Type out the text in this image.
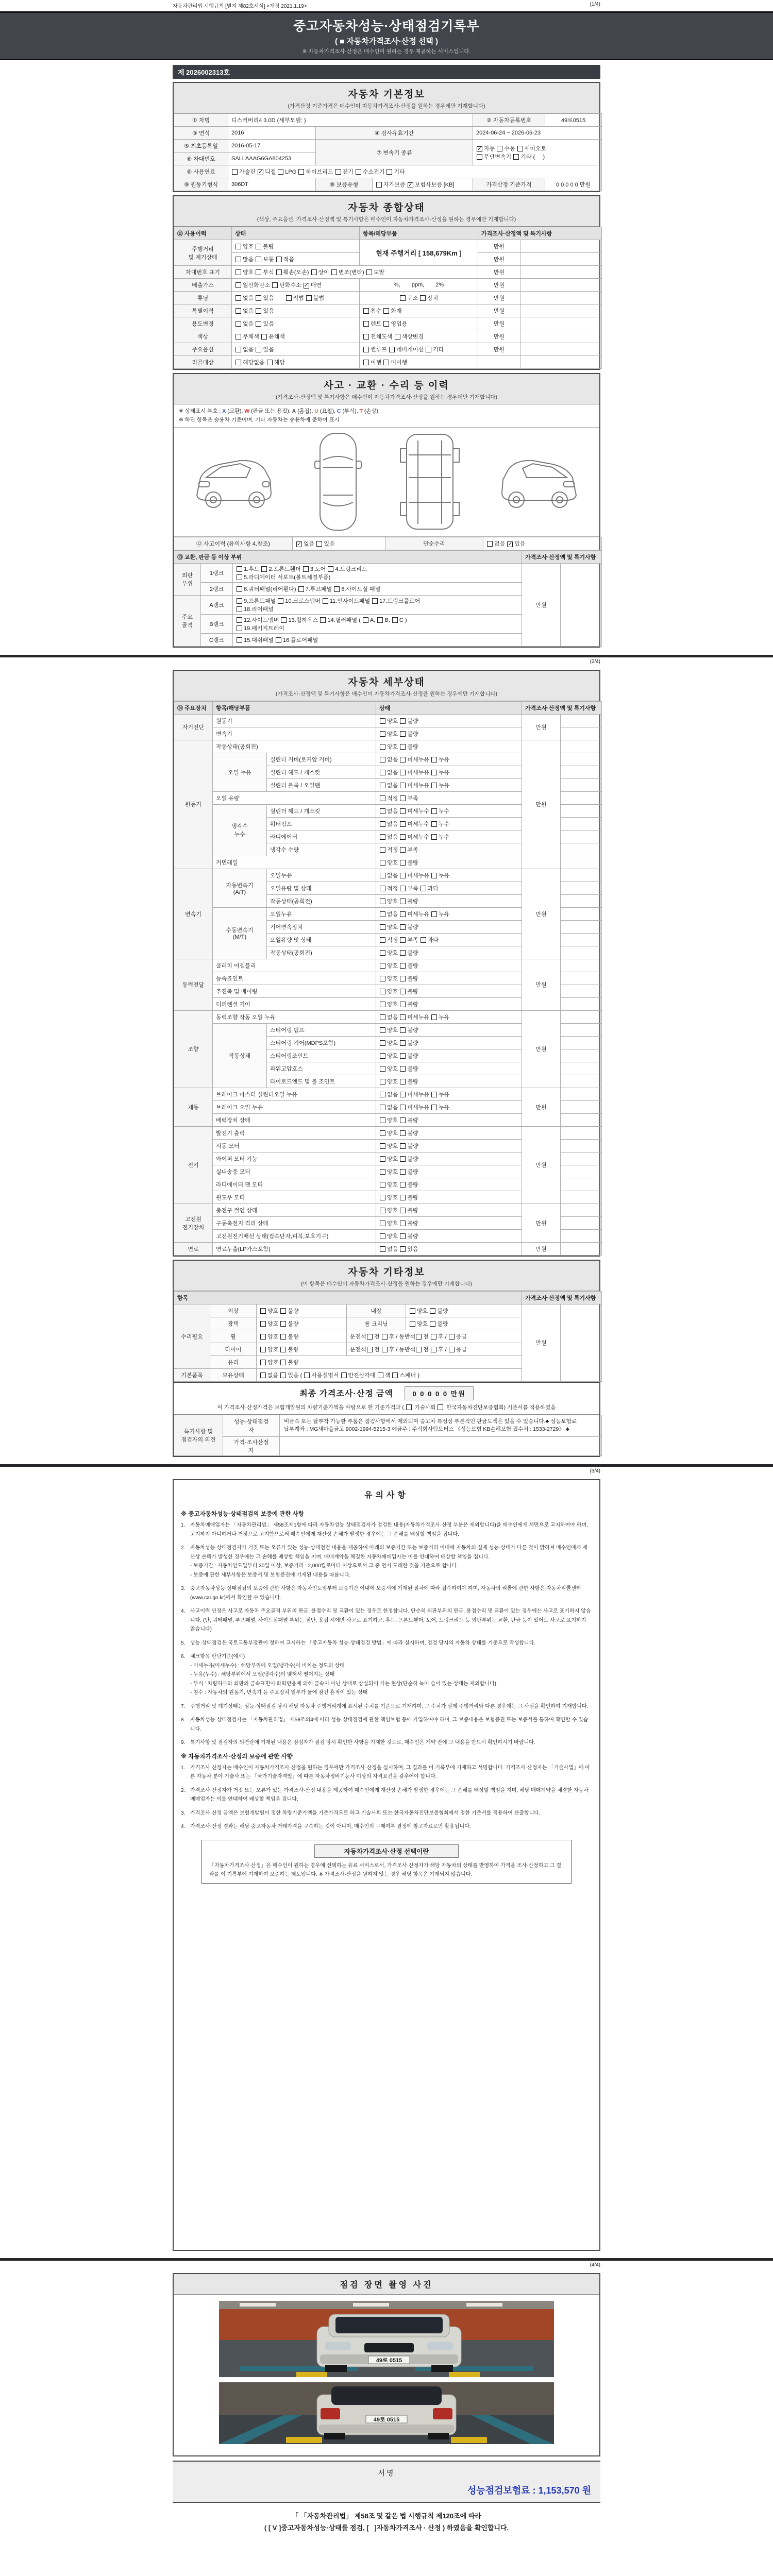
자동차관리법 시행규칙 [별지 제82호서식] <개정 2021.1.19>	(1/4)
중고자동차성능·상태점검기록부
( ■ 자동차가격조사·산정 선택 )
※ 자동차가격조사·산정은 매수인이 원하는 경우 제공하는 서비스입니다.
제 2026002313호
자동차 기본정보
(가격산정 기준가격은 매수인이 자동차가격조사·산정을 원하는 경우에만 기재합니다)
① 차명	디스커버리4 3.0D (세부모델: )			② 자동차등록번호	49로0515
③ 연식	2016	④ 검사유효기간		2024-06-24 ~ 2026-06-23	
⑤ 최초등록일	2016-05-17	⑦ 변속기 종류		✓ 자동 수동 세미오토
무단변속기 기타 (     )	
⑥ 차대번호	SALLAAAG6GA804253				
⑧ 사용연료	가솔린 ✓ 디젤 LPG 하이브리드 전기 수소전기 기타				
⑨ 원동기형식	306DT	⑩ 보증유형	자가보증 ✓ 보험사보증 [KB]	가격산정 기준가격	0 0 0 0 0 만원
자동차 종합상태
(색상, 주요옵션, 가격조사·산정액 및 특기사항은 매수인이 자동차가격조사·산정을 원하는 경우에만 기재합니다)
⑪ 사용이력	상태	항목/해당부품	가격조사·산정액 및 특기사항	
주행거리
및 계기상태	양호 불량	현재 주행거리 [ 158,679Km ]	만원	
	많음 보통 적음		만원	
차대번호 표기	양호 부식 훼손(오손) 상이 변조(변타) 도말		만원	
배출가스	일산화탄소 탄화수소 ✓ 매연	%,  ppm,  2%	만원	
튜닝	없음 있음  적법 불법	구조 장치	만원	
특별이력	없음 있음	침수 화재	만원	
용도변경	없음 있음	렌트 영업용	만원	
색상	무채색 유채색	전체도색 색상변경	만원	
주요옵션	없음 있음	썬루프 네비게이션 기타	만원	
리콜대상	해당없음 해당	이행 미이행		
사고 · 교환 · 수리 등 이력
(가격조사·산정액 및 특기사항은 매수인이 자동차가격조사·산정을 원하는 경우에만 기재합니다)
※ 상태표시 부호 : X (교환), W (판금 또는 용접), A (흠집), U (요철), C (부식), T (손상)
※ 하단 항목은 승용차 기준이며, 기타 자동차는 승용차에 준하여 표시
⑫ 사고이력 (유의사항 4.참조)	✓ 없음 있음	단순수리	없음 ✓ 있음
⑬ 교환, 판금 등 이상 부위			가격조사·산정액 및 특기사항	
외판
부위	1랭크	1.후드 2.프론트휀더 3.도어 4.트렁크리드
5.라디에이터 서포트(볼트체결부품)	만원	
	2랭크	6.쿼터패널(리어휀다) 7.루브패널 8.사이드실 패널		
주요
골격	A랭크	9.프론트패널 10.크로스멤버 11.인사이드패널 17.트렁크플로어
18.리어패널		
	B랭크	12.사이드멤버 13.휠하우스 14.필러패널 ( A, B, C )
19.패키지트레이		
	C랭크	15.대쉬패널 16.플로어패널		
(2/4)
자동차 세부상태
(가격조사·산정액 및 특기사항은 매수인이 자동차가격조사·산정을 원하는 경우에만 기재합니다)
⑭ 주요장치	항목/해당부품		상태	가격조사·산정액 및 특기사항	
자기진단	원동기		양호 불량	만원	
	변속기		양호 불량		
원동기	작동상태(공회전)		양호 불량	만원	
	오일 누유	실린더 커버(로커암 커버)	없음 미세누유 누유		
		실린더 헤드 / 개스킷	없음 미세누유 누유		
		실린더 블록 / 오일팬	없음 미세누유 누유		
	오일 유량		적정 부족		
	냉각수
누수	실린더 헤드 / 개스킷	없음 미세누수 누수		
		워터펌프	없음 미세누수 누수		
		라디에이터	없음 미세누수 누수		
		냉각수 수량	적정 부족		
	커먼레일		양호 불량		
변속기	자동변속기
(A/T)	오일누유	없음 미세누유 누유	만원	
		오일유량 및 상태	적정 부족 과다		
		작동상태(공회전)	양호 불량		
	수동변속기
(M/T)	오일누유	없음 미세누유 누유		
		기어변속장치	양호 불량		
		오일유량 및 상태	적정 부족 과다		
		작동상태(공회전)	양호 불량		
동력전달	클러치 어셈블리		양호 불량	만원	
	등속죠인트		양호 불량		
	추진축 및 베어링		양호 불량		
	디퍼렌셜 기어		양호 불량		
조향	동력조향 작동 오일 누유		없음 미세누유 누유	만원	
	작동상태	스티어링 펌프	양호 불량		
		스티어링 기어(MDPS포함)	양호 불량		
		스티어링조인트	양호 불량		
		파워고압호스	양호 불량		
		타이로드엔드 및 볼 조인트	양호 불량		
제동	브레이크 마스터 실린더오일 누유		없음 미세누유 누유	만원	
	브레이크 오일 누유		없음 미세누유 누유		
	배력장치 상태		양호 불량		
전기	발전기 출력		양호 불량	만원	
	시동 모터		양호 불량		
	와이퍼 모터 기능		양호 불량		
	실내송풍 모터		양호 불량		
	라디에이터 팬 모터		양호 불량		
	윈도우 모터		양호 불량		
고전원
전기장치	충전구 절연 상태		양호 불량	만원	
	구동축전지 격리 상태		양호 불량		
	고전원전기배선 상태(접속단자,피복,보호기구)		양호 불량		
연료	연료누출(LP가스포함)		없음 있음	만원	
자동차 기타정보
(이 항목은 매수인이 자동차가격조사·산정을 원하는 경우에만 기재합니다)
항목					가격조사·산정액 및 특기사항	
수리필요	외장	양호 불량	내장	양호 불량	만원	
	광택	양호 불량	룸 크리닝	양호 불량		
	휠	양호 불량	운전석 전 후 / 동반석 전 후 / 응급			
	타이어	양호 불량	운전석 전 후 / 동반석 전 후 / 응급			
	유리	양호 불량				
기본품목	보유상태	없음 있음 ( 사용설명서 안전삼각대 잭 스패너 )				
최종 가격조사·산정 금액	0 0 0 0 0 만원
이 가격조사·산정가격은 보험개발원의 차량기준가액을 바탕으로 한 기준가격과 (  기술사회  한국자동차진단보증협회) 기준서를 적용하였음
특기사항 및
점검자의 의견	성능·상태점검
자	비금속 또는 탈부착 가능한 부품은 점검사항에서 제외되며 중고차 특성상 부분적인 판금도색은 있을 수 있습니다.♣ 성능보험료 납부계좌 : MG새마을금고 9002-1994-5215-3 예금주 : 주식회사팀모터스 《성능보험 KB손해보험 접수처 : 1533-2729》 ♣
	가격·조사산정
자	
(3/4)
유의사항
※ 중고자동차성능·상태점검의 보증에 관한 사항
1. 자동차매매업자는 「자동차관리법」 제58조제1항에 따라 자동차성능·상태점검자가 점검한 내용(자동차가격조사·산정 부분은 제외합니다)을 매수인에게 서면으로 고지하여야 하며, 고지하지 아니하거나 거짓으로 고지함으로써 매수인에게 재산상 손해가 발생한 경우에는 그 손해를 배상할 책임을 집니다.
2. 자동차성능·상태점검자가 거짓 또는 오류가 있는 성능·상태점검 내용을 제공하여 아래의 보증기간 또는 보증거리 이내에 자동차의 실제 성능·상태가 다른 것이 밝혀져 매수인에게 재산상 손해가 발생한 경우에는 그 손해를 배상할 책임을 지며, 매매계약을 체결한 자동차매매업자는 이를 연대하여 배상할 책임을 집니다.
- 보증기간 : 자동차인도일부터 30일 이상, 보증거리 : 2,000킬로미터 이상으로서 그 중 먼저 도래한 것을 기준으로 합니다.
- 보증에 관한 세부사항은 보증서 및 보험증권에 기재된 내용을 따릅니다.
3. 중고자동차성능·상태점검의 보증에 관한 사항은 자동차인도일부터 보증기간 이내에 보증서에 기재된 절차에 따라 접수하여야 하며, 자동차의 리콜에 관한 사항은 자동차리콜센터(www.car.go.kr)에서 확인할 수 있습니다.
4. 사고이력 인정은 사고로 자동차 주요골격 부위의 판금, 용접수리 및 교환이 있는 경우로 한정합니다. 단순히 외판부위의 판금, 용접수리 및 교환이 있는 경우에는 사고로 표기하지 않습니다. (단, 쿼터패널, 루프패널, 사이드실패널 부위는 절단, 용접 시에만 사고로 표기하고, 후드, 프론트휀더, 도어, 트렁크리드 등 외판부위는 교환, 판금 등이 있어도 사고로 표기하지 않습니다)
5. 성능·상태점검은 국토교통부장관이 정하여 고시하는 「중고자동차 성능·상태점검 방법」에 따라 실시하며, 점검 당시의 자동차 상태를 기준으로 작성합니다.
6. 체크항목 판단기준(예시)
- 미세누유(미세누수) : 해당부위에 오일(냉각수)이 비치는 정도의 상태
- 누유(누수) : 해당부위에서 오일(냉각수)이 맺혀서 떨어지는 상태
- 부식 : 차량하부와 외판의 금속표면이 화학반응에 의해 금속이 아닌 상태로 상실되어 가는 현상(단순히 녹이 슬어 있는 상태는 제외합니다)
- 침수 : 자동차의 원동기, 변속기 등 주요장치 일부가 물에 잠긴 흔적이 있는 상태
7. 주행거리 및 계기상태는 성능·상태점검 당시 해당 자동차 주행거리계에 표시된 수치를 기준으로 기재하며, 그 수치가 실제 주행거리와 다른 경우에는 그 사실을 확인하여 기재합니다.
8. 자동차성능·상태점검자는 「자동차관리법」 제58조의4에 따라 성능·상태점검에 관한 책임보험 등에 가입하여야 하며, 그 보증내용은 보험증권 또는 보증서를 통하여 확인할 수 있습니다.
9. 특기사항 및 점검자의 의견란에 기재된 내용은 점검자가 점검 당시 확인한 사항을 기재한 것으로, 매수인은 계약 전에 그 내용을 반드시 확인하시기 바랍니다.
※ 자동차가격조사·산정의 보증에 관한 사항
1. 가격조사·산정자는 매수인이 자동차가격조사·산정을 원하는 경우에만 가격조사·산정을 실시하며, 그 결과를 이 기록부에 기재하고 서명합니다. 가격조사·산정자는 「기술사법」에 따른 자동차 분야 기술사 또는 「국가기술자격법」에 따른 자동차정비기능사 이상의 자격요건을 갖추어야 합니다.
2. 가격조사·산정자가 거짓 또는 오류가 있는 가격조사·산정 내용을 제공하여 매수인에게 재산상 손해가 발생한 경우에는 그 손해를 배상할 책임을 지며, 해당 매매계약을 체결한 자동차매매업자는 이를 연대하여 배상할 책임을 집니다.
3. 가격조사·산정 금액은 보험개발원이 정한 차량기준가액을 기준가격으로 하고 기술사회 또는 한국자동차진단보증협회에서 정한 기준서를 적용하여 산출합니다.
4. 가격조사·산정 결과는 해당 중고자동차 거래가격을 구속하는 것이 아니며, 매수인의 구매여부 결정에 참고자료로만 활용됩니다.
자동차가격조사·산정 선택이란
「자동차가격조사·산정」은 매수인이 원하는 경우에 선택하는 유료 서비스로서, 가격조사·산정자가 해당 자동차의 상태를 반영하여 가격을 조사·산정하고 그 결과를 이 기록부에 기재하여 보증하는 제도입니다. ※ 가격조사·산정을 원하지 않는 경우 해당 항목은 기재되지 않습니다.
(4/4)
점검 장면 촬영 사진
49로 0515
49로 0515
서명
성능점검보험료 : 1,153,570 원
「 「자동차관리법」 제58조 및 같은 법 시행규칙 제120조에 따라
( [ V ]중고자동차성능·상태를 점검, [   ]자동차가격조사 · 산정 ) 하였음을 확인합니다.
